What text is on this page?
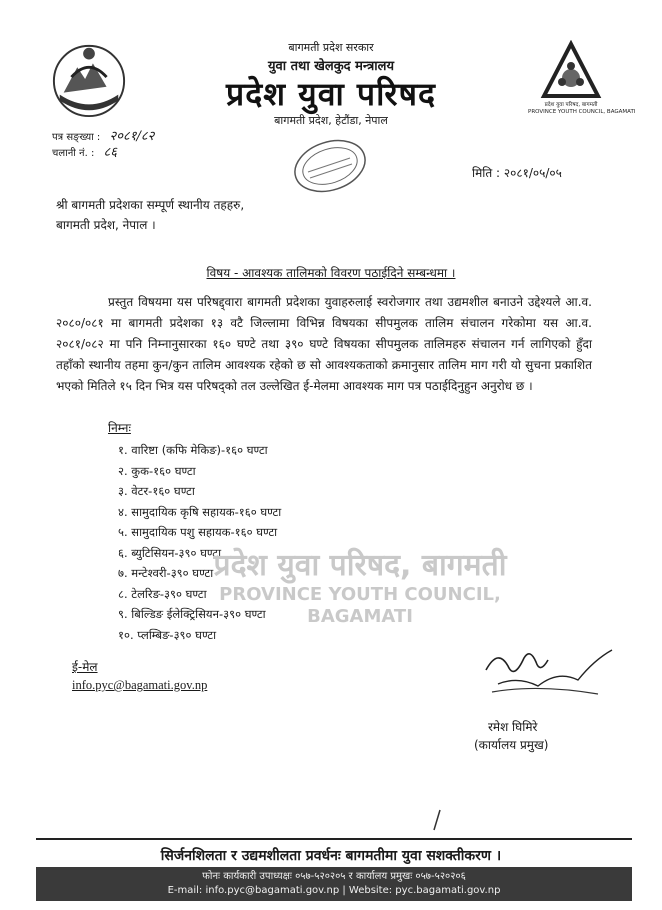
बागमती प्रदेश सरकार
युवा तथा खेलकुद मन्त्रालय
प्रदेश युवा परिषद
बागमती प्रदेश, हेटौंडा, नेपाल
प्रदेश युवा परिषद, बागमती
PROVINCE YOUTH COUNCIL, BAGAMATI
पत्र सङ्ख्या : २०८१/८२
चलानी नं. : ८६
मिति : २०८१/०५/०५
श्री बागमती प्रदेशका सम्पूर्ण स्थानीय तहहरु,
बागमती प्रदेश, नेपाल ।
विषय - आवश्यक तालिमको विवरण पठाईदिने सम्बन्धमा ।
प्रस्तुत विषयमा यस परिषद्द्वारा बागमती प्रदेशका युवाहरुलाई स्वरोजगार तथा उद्यमशील बनाउने उद्देश्यले आ.व. २०८०/०८१ मा बागमती प्रदेशका १३ वटै जिल्लामा विभिन्न विषयका सीपमुलक तालिम संचालन गरेकोमा यस आ.व. २०८१/०८२ मा पनि निम्नानुसारका १६० घण्टे तथा ३९० घण्टे विषयका सीपमुलक तालिमहरु संचालन गर्न लागिएको हुँदा तहाँको स्थानीय तहमा कुन/कुन तालिम आवश्यक रहेको छ सो आवश्यकताको क्रमानुसार तालिम माग गरी यो सुचना प्रकाशित भएको मितिले १५ दिन भित्र यस परिषद्को तल उल्लेखित ई-मेलमा आवश्यक माग पत्र पठाईदिनुहुन अनुरोध छ ।
निम्नः
१. वारिष्टा (कफि मेकिङ)-१६० घण्टा
२. कुक-१६० घण्टा
३. वेटर-१६० घण्टा
४. सामुदायिक कृषि सहायक-१६० घण्टा
५. सामुदायिक पशु सहायक-१६० घण्टा
६. ब्युटिसियन-३९० घण्टा
७. मन्टेश्वरी-३९० घण्टा
८. टेलरिङ-३९० घण्टा
९. बिल्डिङ ईलेक्ट्रिसियन-३९० घण्टा
१०. प्लम्बिङ-३९० घण्टा
प्रदेश युवा परिषद, बागमती
PROVINCE YOUTH COUNCIL, BAGAMATI
ई-मेल
info.pyc@bagamati.gov.np
रमेश घिमिरे
(कार्यालय प्रमुख)
सिर्जनशिलता र उद्यमशीलता प्रवर्धनः बागमतीमा युवा सशक्तीकरण ।
फोनः कार्यकारी उपाध्यक्षः ०५७-५२०२०५ र कार्यालय प्रमुखः ०५७-५२०२०६
E-mail: info.pyc@bagamati.gov.np | Website: pyc.bagamati.gov.np
